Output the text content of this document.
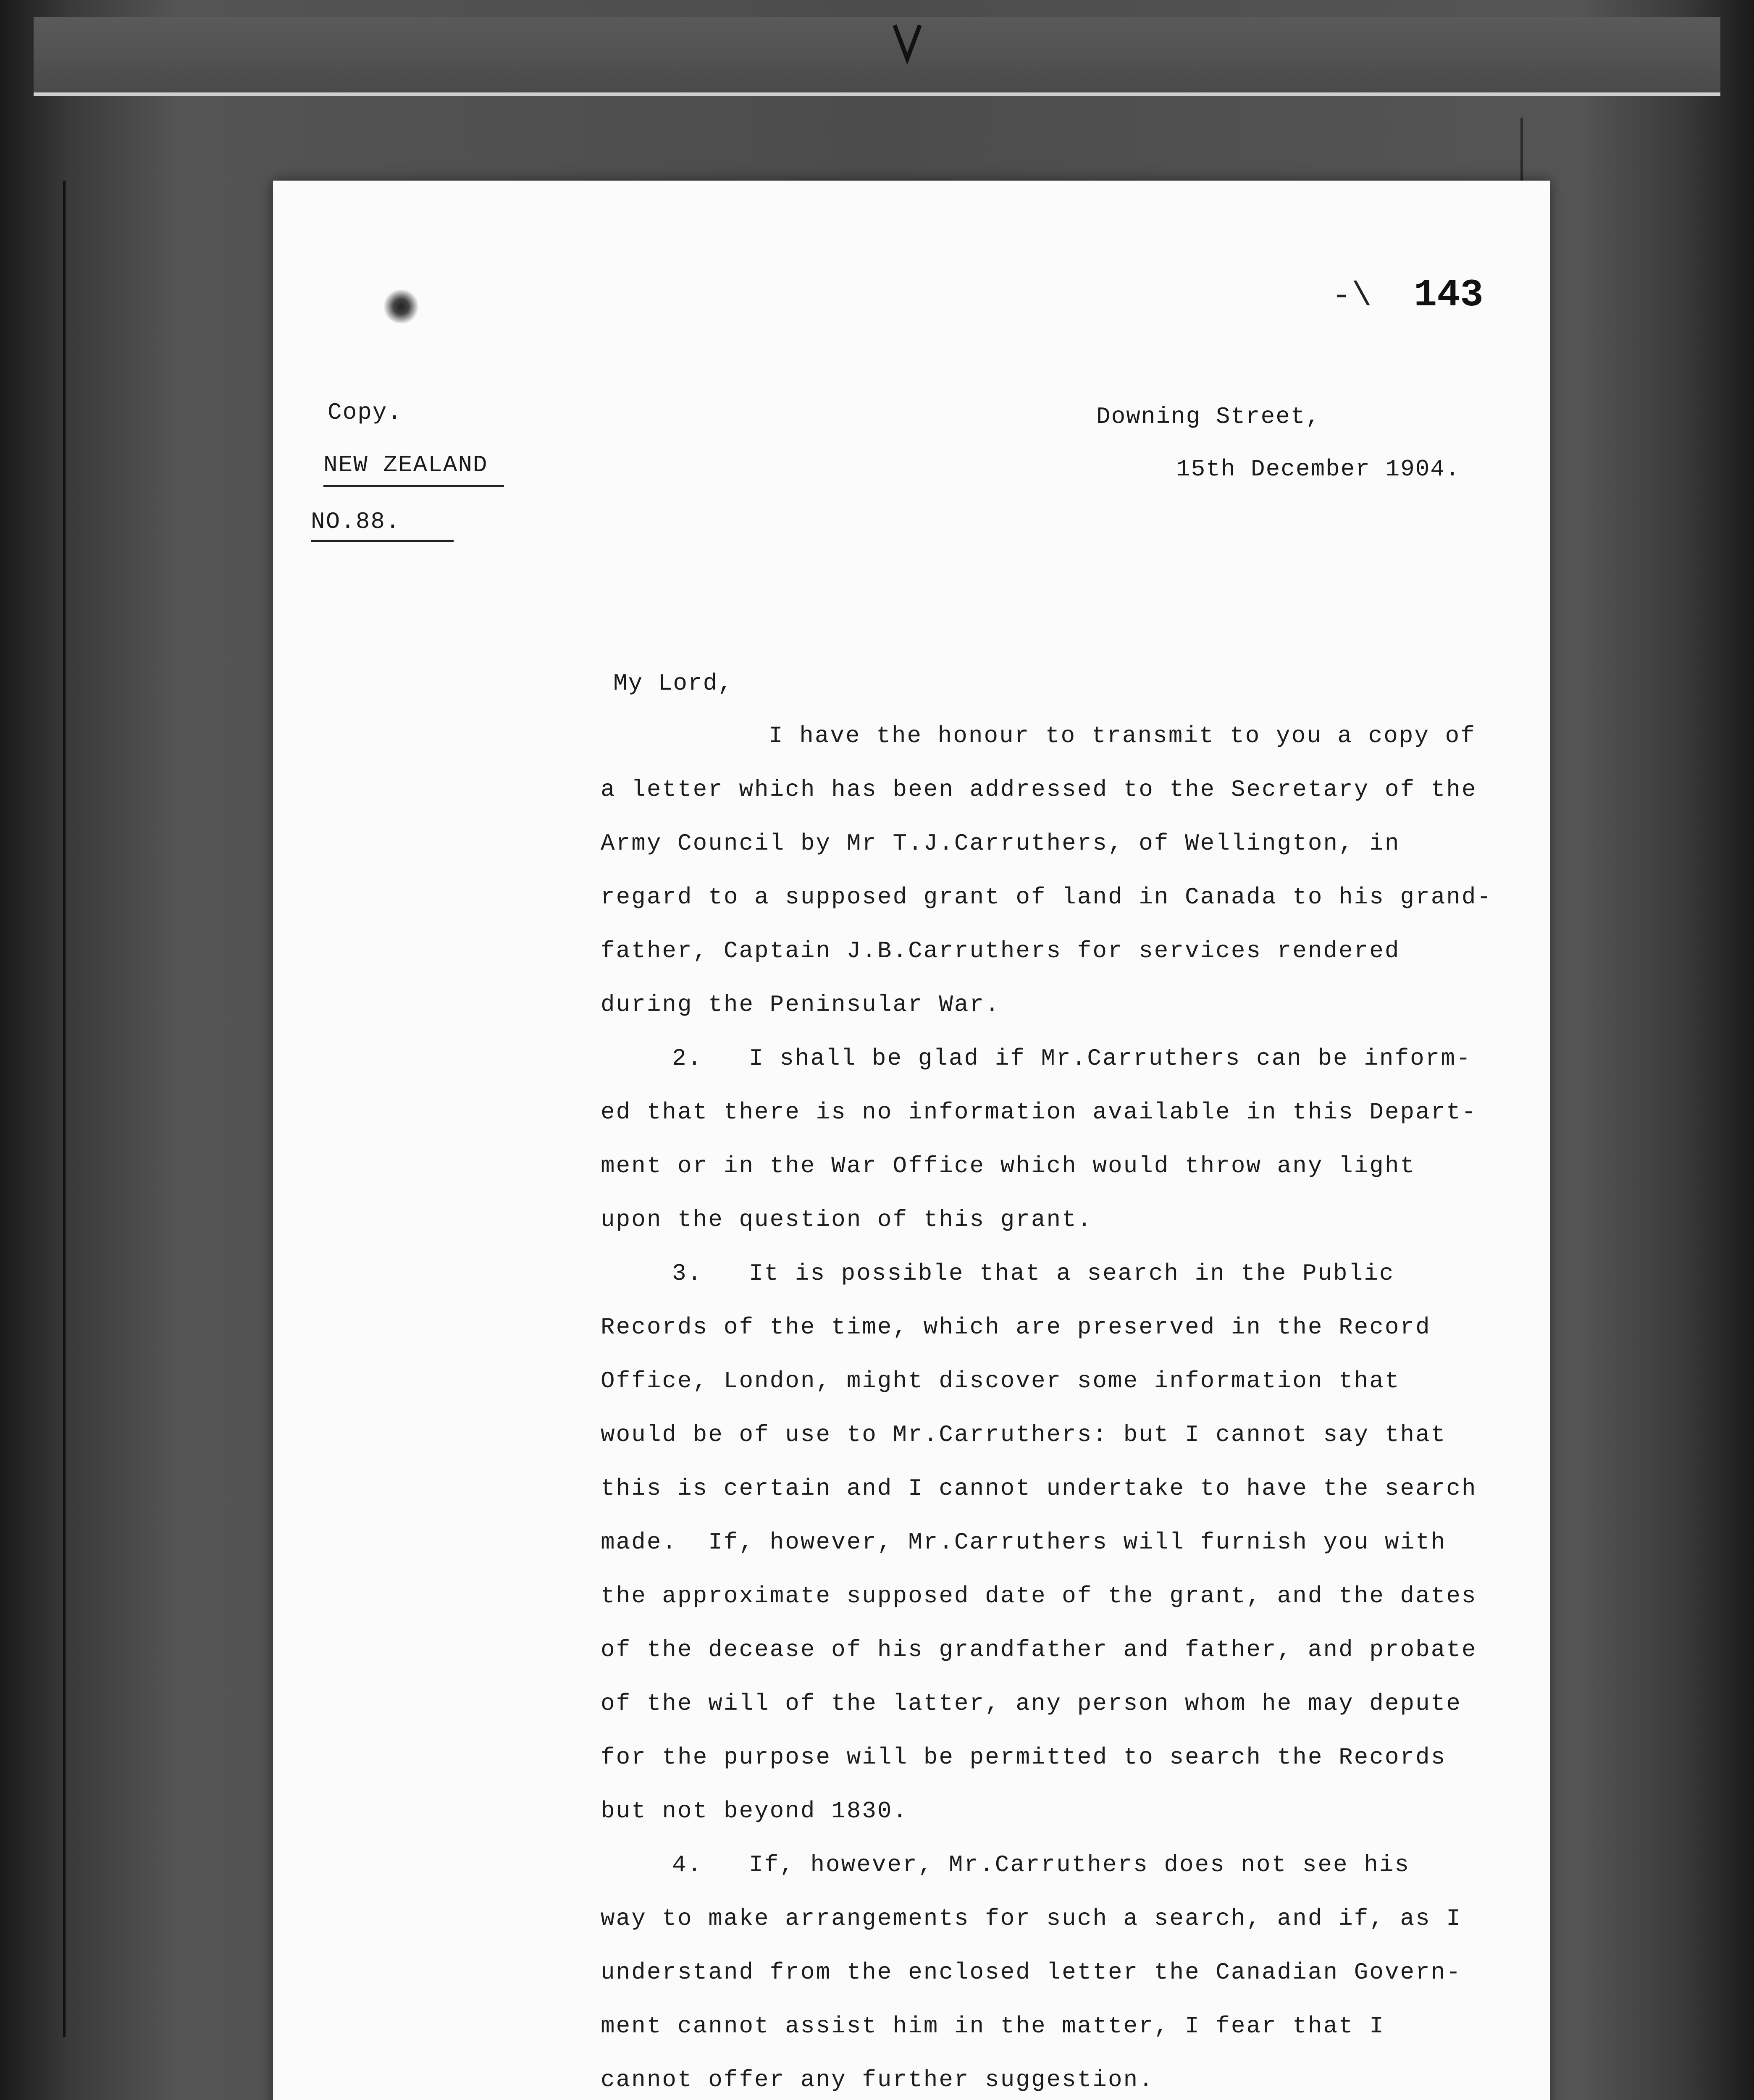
-\ 143
Copy.
NEW ZEALAND
NO.88.
Downing Street,
15th December 1904.
My Lord,
I have the honour to transmit to you a copy of
a letter which has been addressed to the Secretary of the
Army Council by Mr T.J.Carruthers, of Wellington, in
regard to a supposed grant of land in Canada to his grand-
father, Captain J.B.Carruthers for services rendered
during the Peninsular War.
2.   I shall be glad if Mr.Carruthers can be inform-
ed that there is no information available in this Depart-
ment or in the War Office which would throw any light
upon the question of this grant.
3.   It is possible that a search in the Public
Records of the time, which are preserved in the Record
Office, London, might discover some information that
would be of use to Mr.Carruthers: but I cannot say that
this is certain and I cannot undertake to have the search
made.  If, however, Mr.Carruthers will furnish you with
the approximate supposed date of the grant, and the dates
of the decease of his grandfather and father, and probate
of the will of the latter, any person whom he may depute
for the purpose will be permitted to search the Records
but not beyond 1830.
4.   If, however, Mr.Carruthers does not see his
way to make arrangements for such a search, and if, as I
understand from the enclosed letter the Canadian Govern-
ment cannot assist him in the matter, I fear that I
cannot offer any further suggestion.
